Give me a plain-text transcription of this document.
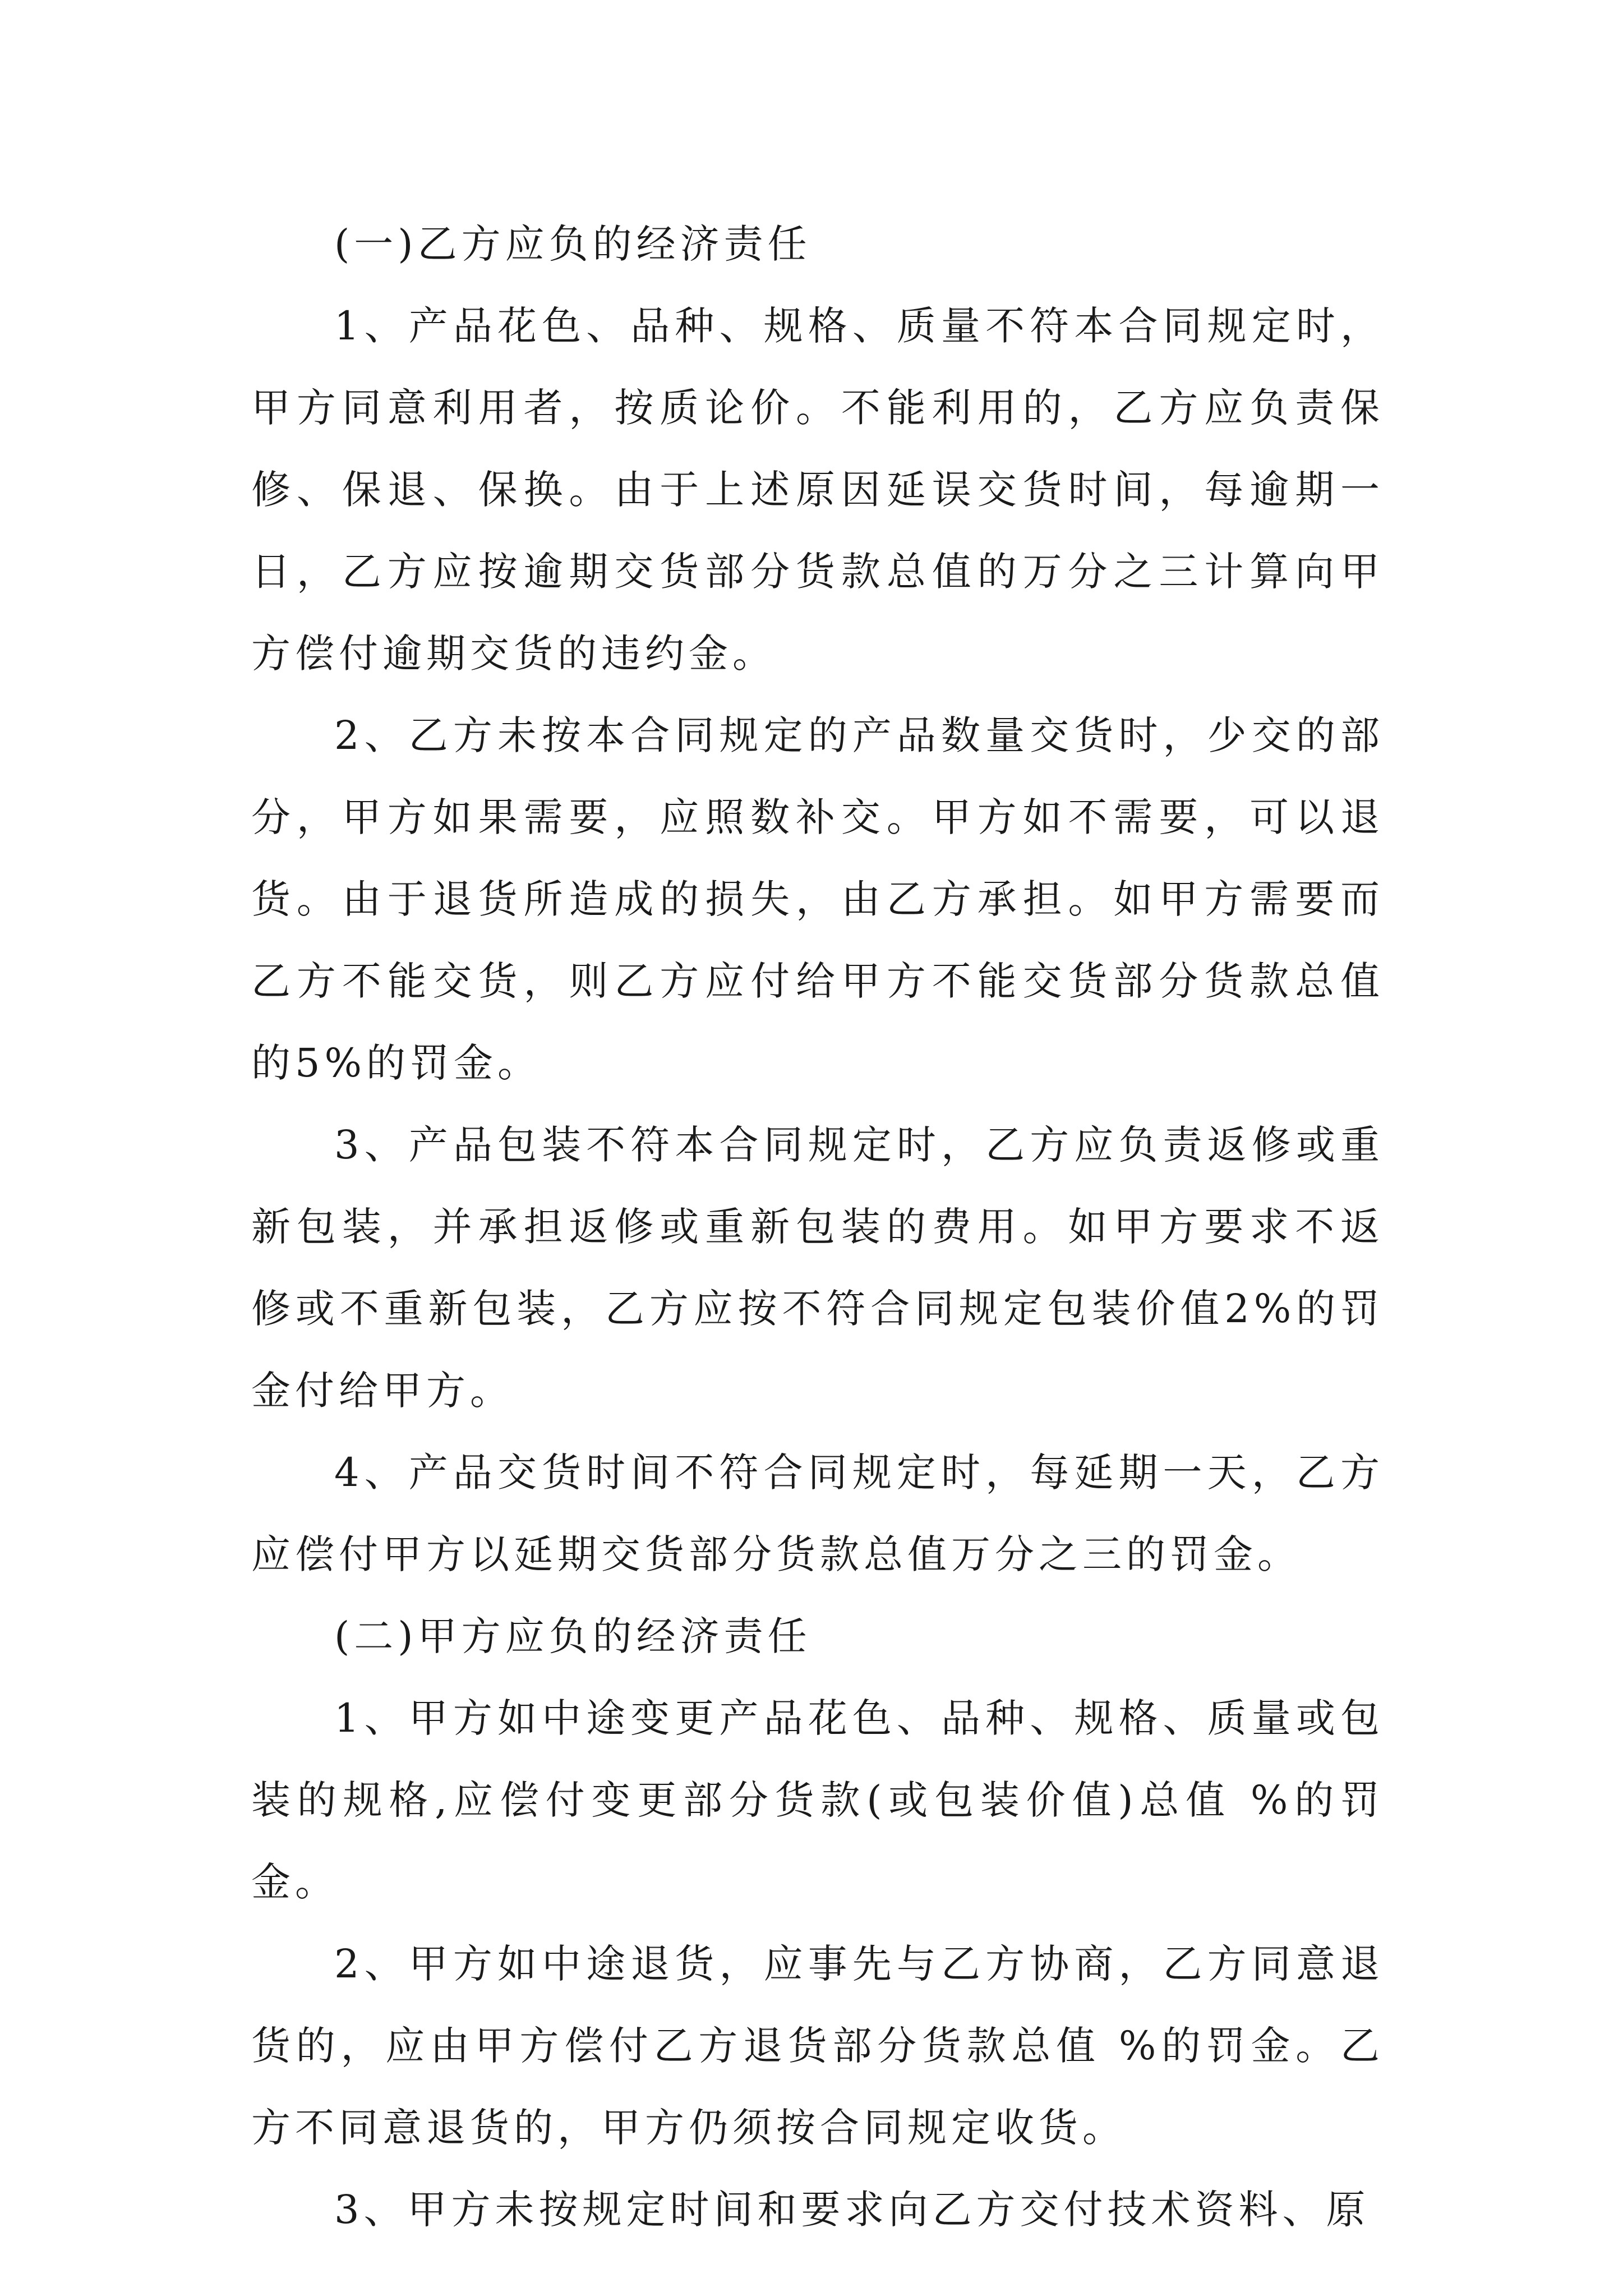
(一)乙方应负的经济责任

1、产品花色、品种、规格、质量不符本合同规定时，甲方同意利用者，按质论价。不能利用的，乙方应负责保修、保退、保换。由于上述原因延误交货时间，每逾期一日，乙方应按逾期交货部分货款总值的万分之三计算向甲方偿付逾期交货的违约金。

2、乙方未按本合同规定的产品数量交货时，少交的部分，甲方如果需要，应照数补交。甲方如不需要，可以退货。由于退货所造成的损失，由乙方承担。如甲方需要而乙方不能交货，则乙方应付给甲方不能交货部分货款总值的5%的罚金。

3、产品包装不符本合同规定时，乙方应负责返修或重新包装，并承担返修或重新包装的费用。如甲方要求不返修或不重新包装，乙方应按不符合同规定包装价值2%的罚金付给甲方。

4、产品交货时间不符合同规定时，每延期一天，乙方应偿付甲方以延期交货部分货款总值万分之三的罚金。

(二)甲方应负的经济责任

1、甲方如中途变更产品花色、品种、规格、质量或包装的规格,应偿付变更部分货款(或包装价值)总值 %的罚金。

2、甲方如中途退货，应事先与乙方协商，乙方同意退货的，应由甲方偿付乙方退货部分货款总值 %的罚金。乙方不同意退货的，甲方仍须按合同规定收货。

3、甲方未按规定时间和要求向乙方交付技术资料、原
